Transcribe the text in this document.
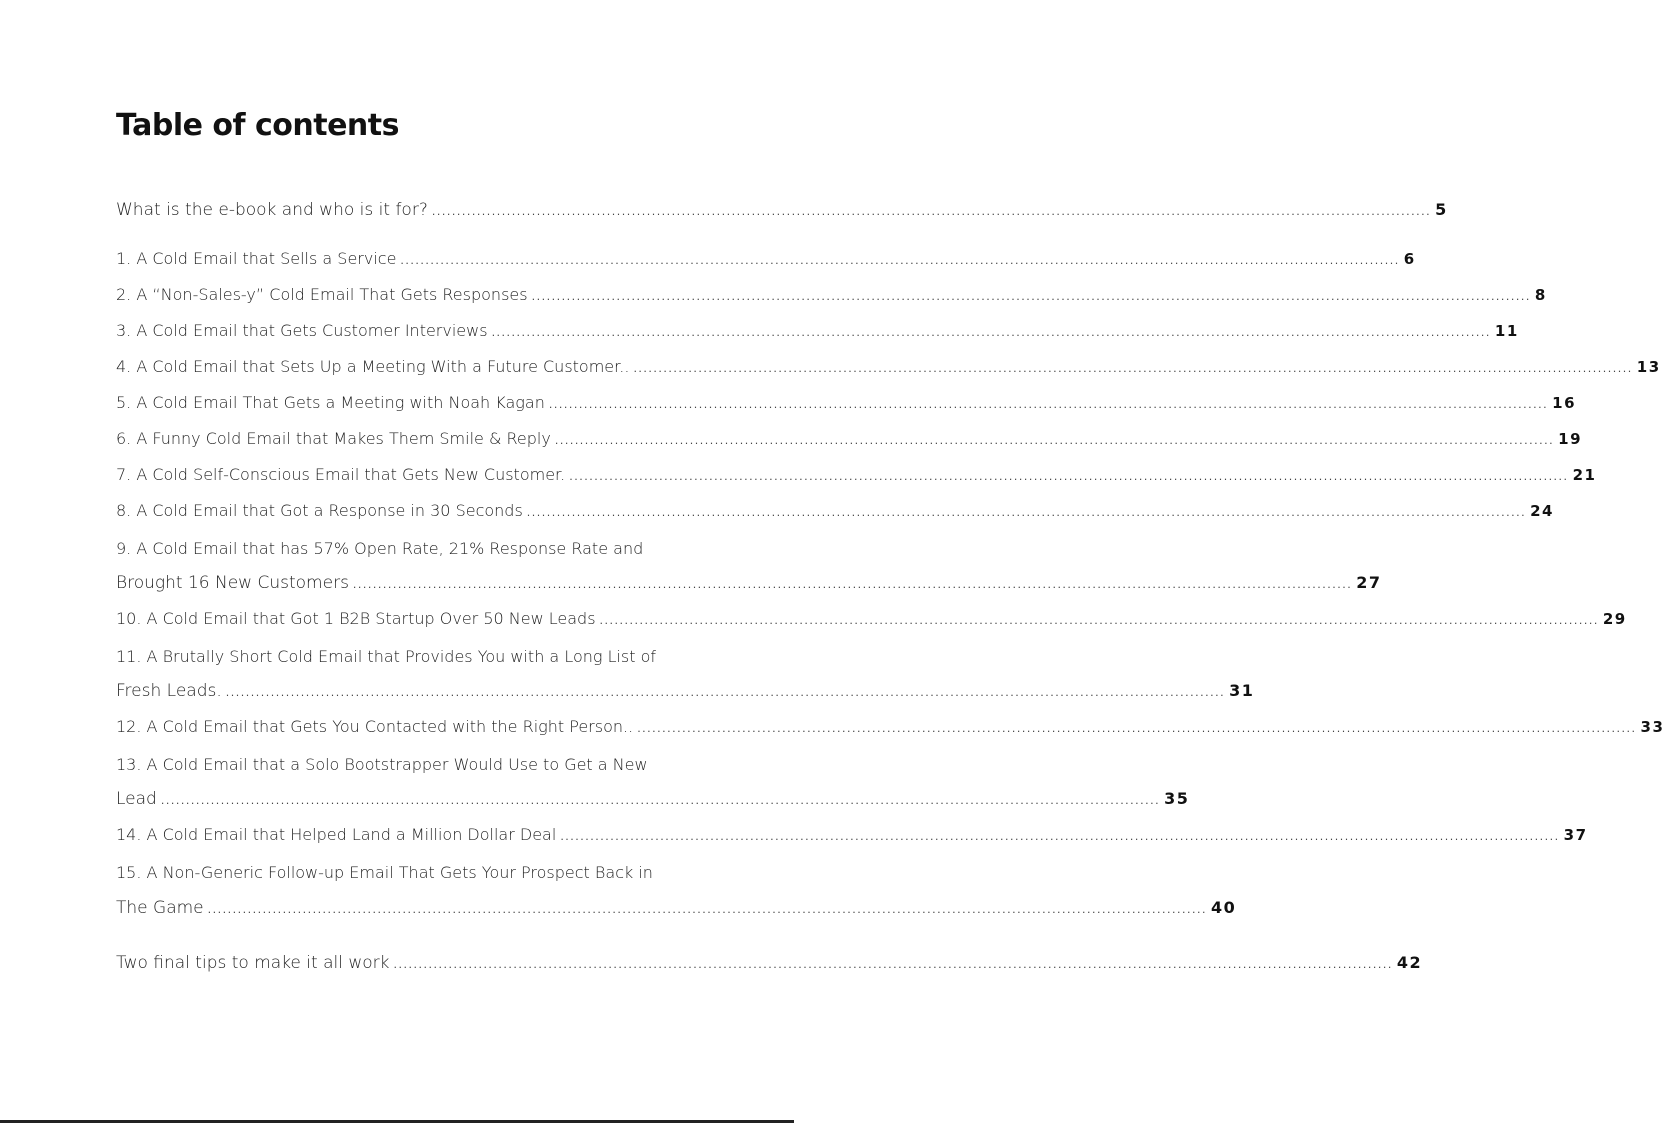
Table of contents
What is the e-book and who is it for? ........................................................................................................................................................................................................ 5
1. A Cold Email that Sells a Service ........................................................................................................................................................................................................ 6
2. A “Non-Sales-y” Cold Email That Gets Responses ........................................................................................................................................................................................................ 8
3. A Cold Email that Gets Customer Interviews ........................................................................................................................................................................................................ 11
4. A Cold Email that Sets Up a Meeting With a Future Customer.. ........................................................................................................................................................................................................ 13
5. A Cold Email That Gets a Meeting with Noah Kagan ........................................................................................................................................................................................................ 16
6. A Funny Cold Email that Makes Them Smile & Reply ........................................................................................................................................................................................................ 19
7. A Cold Self-Conscious Email that Gets New Customer. ........................................................................................................................................................................................................ 21
8. A Cold Email that Got a Response in 30 Seconds ........................................................................................................................................................................................................ 24
9. A Cold Email that has 57% Open Rate, 21% Response Rate and
Brought 16 New Customers ........................................................................................................................................................................................................ 27
10. A Cold Email that Got 1 B2B Startup Over 50 New Leads ........................................................................................................................................................................................................ 29
11. A Brutally Short Cold Email that Provides You with a Long List of
Fresh Leads. ........................................................................................................................................................................................................ 31
12. A Cold Email that Gets You Contacted with the Right Person.. ........................................................................................................................................................................................................ 33
13. A Cold Email that a Solo Bootstrapper Would Use to Get a New
Lead ........................................................................................................................................................................................................ 35
14. A Cold Email that Helped Land a Million Dollar Deal ........................................................................................................................................................................................................ 37
15. A Non-Generic Follow-up Email That Gets Your Prospect Back in
The Game ........................................................................................................................................................................................................ 40
Two final tips to make it all work ........................................................................................................................................................................................................ 42
